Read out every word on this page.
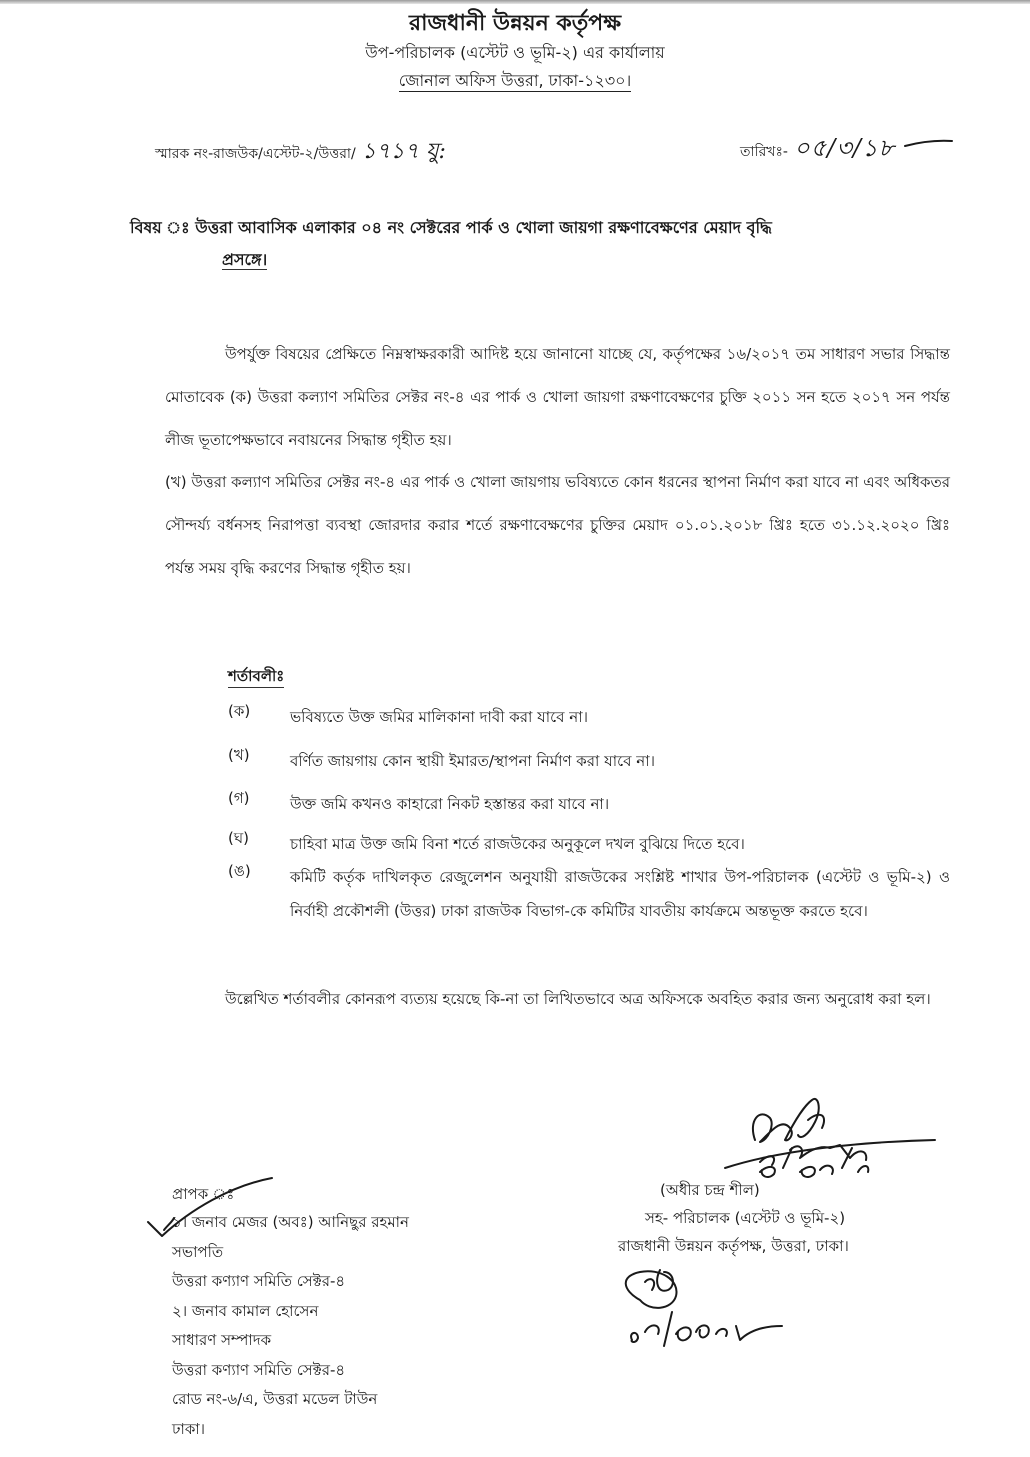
রাজধানী উন্নয়ন কর্তৃপক্ষ
উপ-পরিচালক (এস্টেট ও ভূমি-২) এর কার্যালায়
জোনাল অফিস উত্তরা, ঢাকা-১২৩০।
স্মারক নং-রাজউক/এস্টেট-২/উত্তরা/ ১৭১৭ যু:	তারিখঃ- ০৫/৩/১৮
বিষয় ঃ উত্তরা আবাসিক এলাকার ০৪ নং সেক্টরের পার্ক ও খোলা জায়গা রক্ষণাবেক্ষণের মেয়াদ বৃদ্ধি
প্রসঙ্গে।
উপর্যুক্ত বিষয়ের প্রেক্ষিতে নিম্নস্বাক্ষরকারী আদিষ্ট হয়ে জানানো যাচ্ছে যে, কর্তৃপক্ষের ১৬/২০১৭ তম সাধারণ সভার সিদ্ধান্ত মোতাবেক (ক) উত্তরা কল্যাণ সমিতির সেক্টর নং-৪ এর পার্ক ও খোলা জায়গা রক্ষণাবেক্ষণের চুক্তি ২০১১ সন হতে ২০১৭ সন পর্যন্ত লীজ ভূতাপেক্ষভাবে নবায়নের সিদ্ধান্ত গৃহীত হয়।
(খ) উত্তরা কল্যাণ সমিতির সেক্টর নং-৪ এর পার্ক ও খোলা জায়গায় ভবিষ্যতে কোন ধরনের স্থাপনা নির্মাণ করা যাবে না এবং অধিকতর সৌন্দর্য্য বর্ধনসহ নিরাপত্তা ব্যবস্থা জোরদার করার শর্তে রক্ষণাবেক্ষণের চুক্তির মেয়াদ ০১.০১.২০১৮ খ্রিঃ হতে ৩১.১২.২০২০ খ্রিঃ পর্যন্ত সময় বৃদ্ধি করণের সিদ্ধান্ত গৃহীত হয়।
শর্তাবলীঃ
(ক)	ভবিষ্যতে উক্ত জমির মালিকানা দাবী করা যাবে না।
(খ)	বর্ণিত জায়গায় কোন স্থায়ী ইমারত/স্থাপনা নির্মাণ করা যাবে না।
(গ)	উক্ত জমি কখনও কাহারো নিকট হস্তান্তর করা যাবে না।
(ঘ)	চাহিবা মাত্র উক্ত জমি বিনা শর্তে রাজউকের অনুকূলে দখল বুঝিয়ে দিতে হবে।
(ঙ)	কমিটি কর্তৃক দাখিলকৃত রেজুলেশন অনুযায়ী রাজউকের সংশ্লিষ্ট শাখার উপ-পরিচালক (এস্টেট ও ভূমি-২) ও নির্বাহী প্রকৌশলী (উত্তর) ঢাকা রাজউক বিভাগ-কে কমিটির যাবতীয় কার্যক্রমে অন্তভূক্ত করতে হবে।
উল্লেখিত শর্তাবলীর কোনরূপ ব্যত্যয় হয়েছে কি-না তা লিখিতভাবে অত্র অফিসকে অবহিত করার জন্য অনুরোধ করা হল।
(অধীর চন্দ্র শীল)
সহ- পরিচালক (এস্টেট ও ভূমি-২)
রাজধানী উন্নয়ন কর্তৃপক্ষ, উত্তরা, ঢাকা।
প্রাপক ঃ
১। জনাব মেজর (অবঃ) আনিছুর রহমান
সভাপতি
উত্তরা কণ্যাণ সমিতি সেক্টর-৪
২। জনাব কামাল হোসেন
সাধারণ সম্পাদক
উত্তরা কণ্যাণ সমিতি সেক্টর-৪
রোড নং-৬/এ, উত্তরা মডেল টাউন
ঢাকা।
